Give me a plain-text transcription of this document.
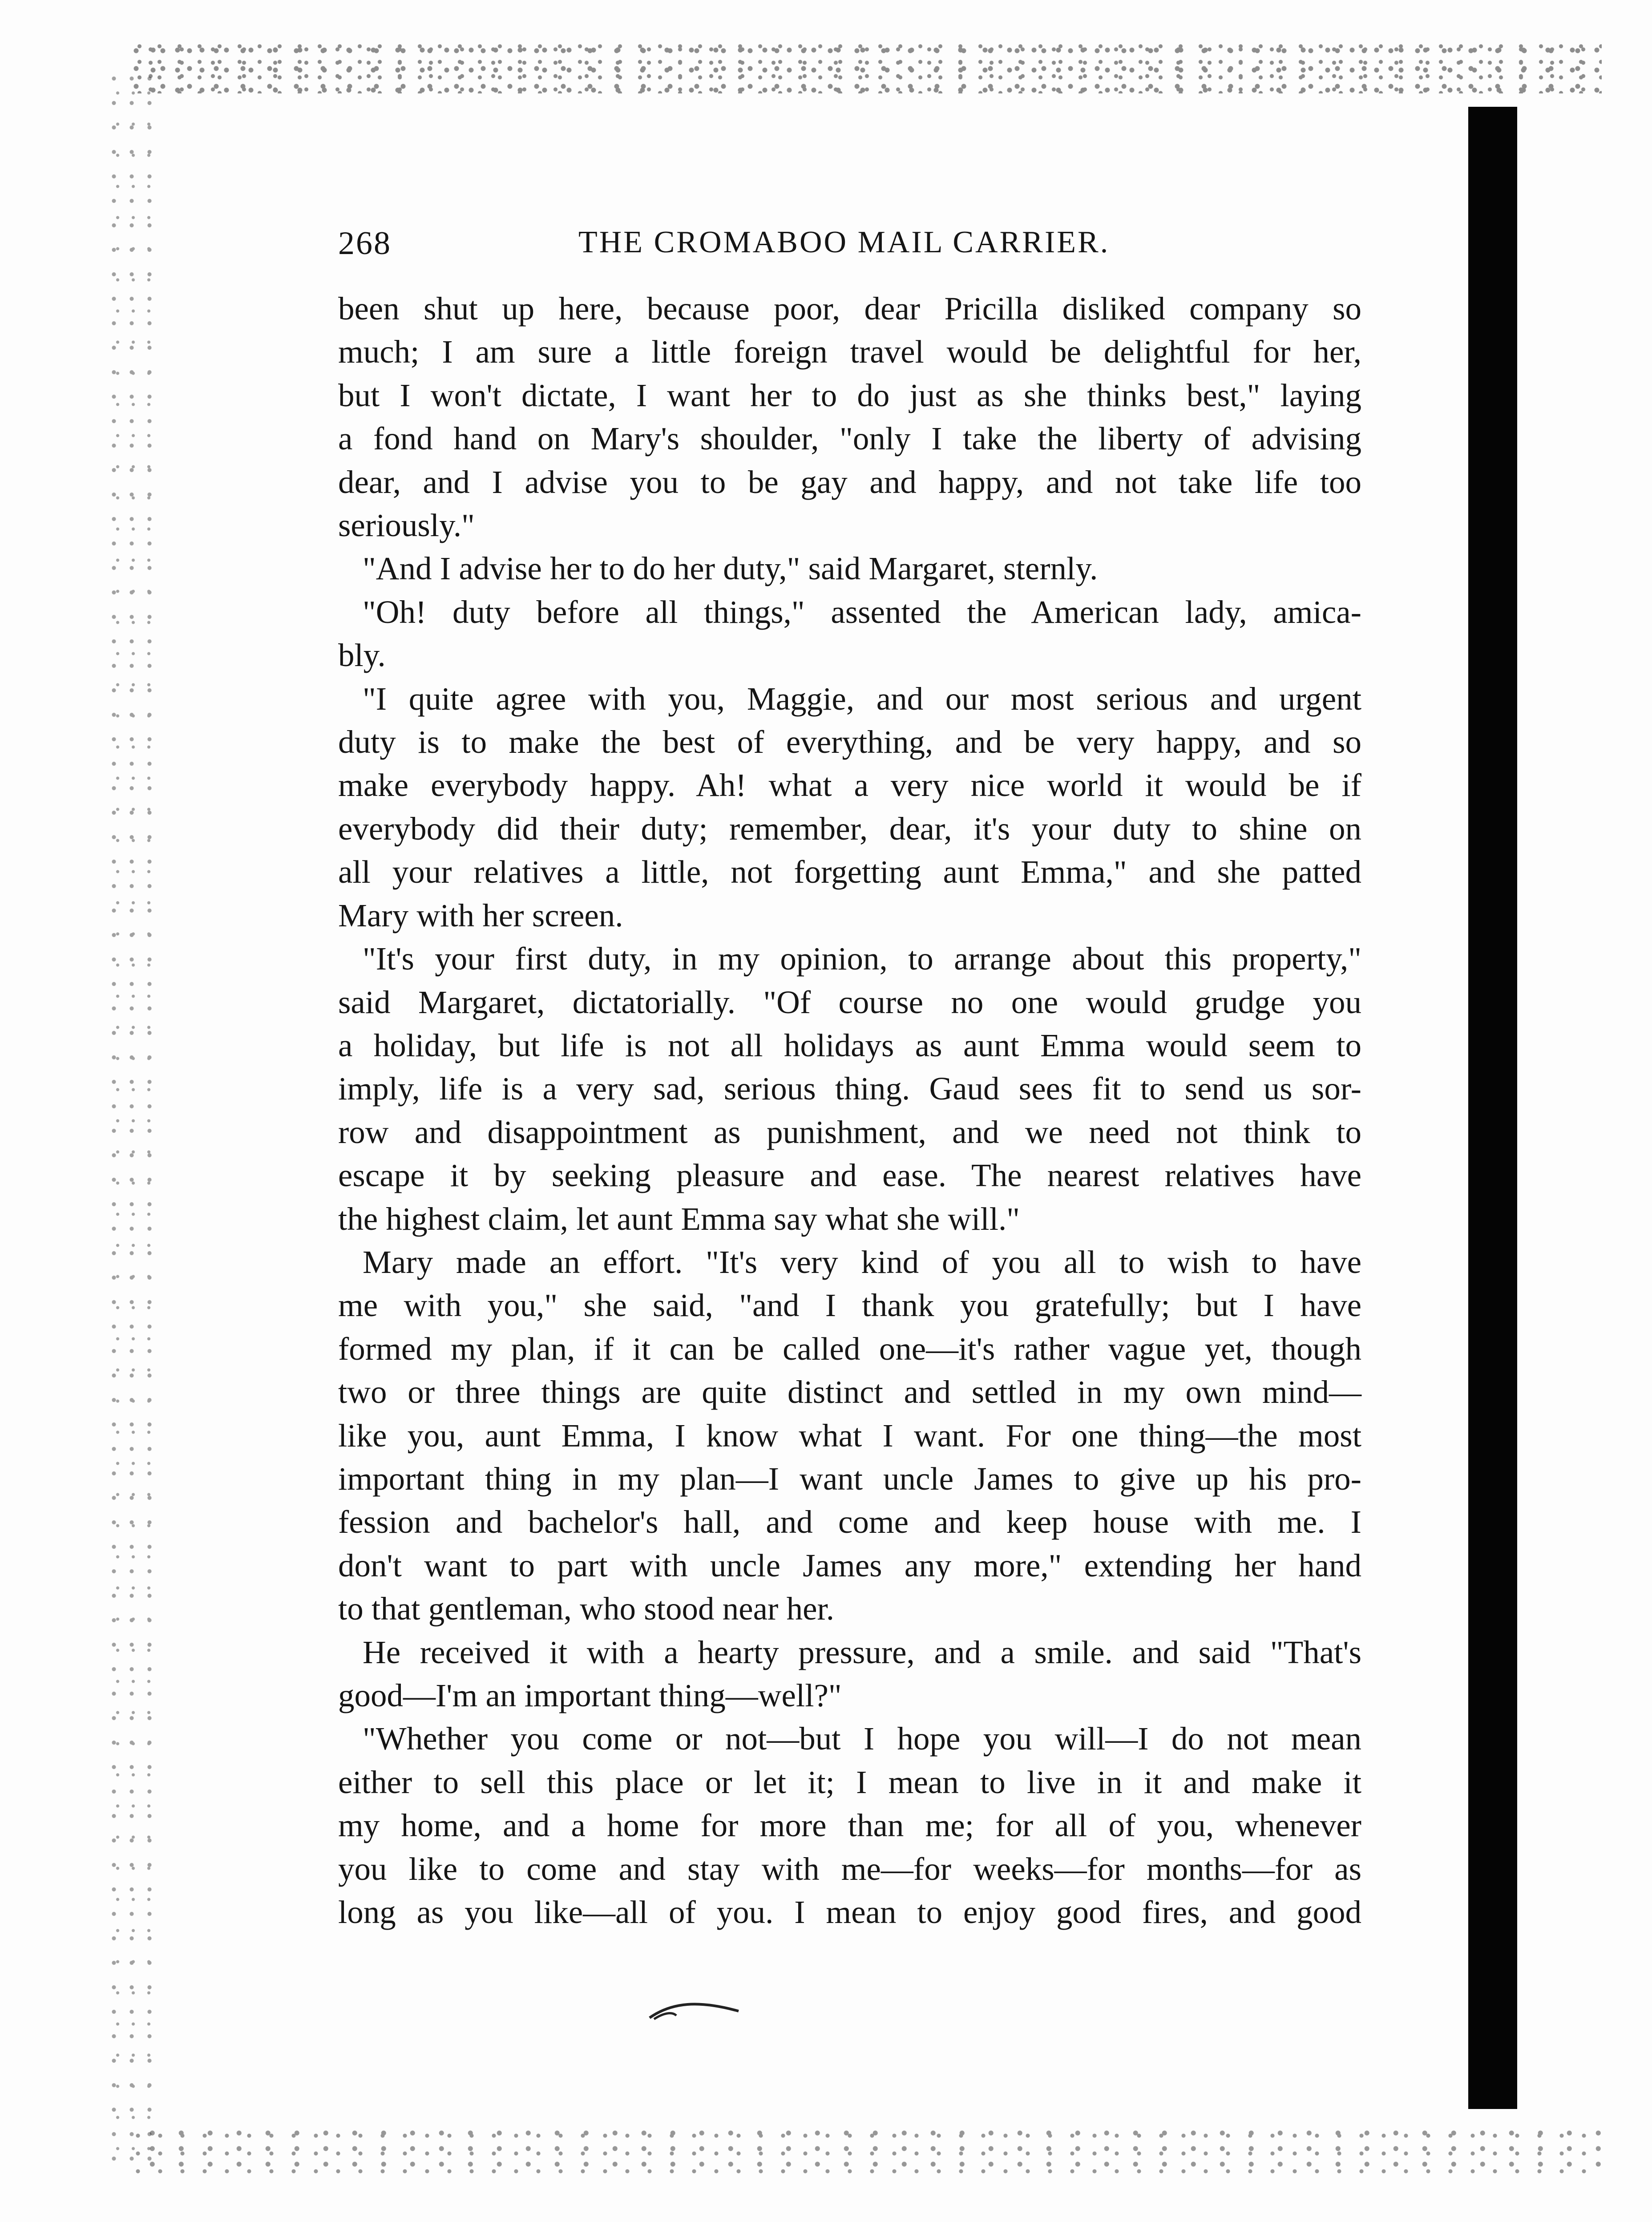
268	THE CROMABOO MAIL CARRIER.
been shut up here, because poor, dear Pricilla disliked company so
much; I am sure a little foreign travel would be delightful for her,
but I won't dictate, I want her to do just as she thinks best," laying
a fond hand on Mary's shoulder, "only I take the liberty of advising
dear, and I advise you to be gay and happy, and not take life too
seriously."
"And I advise her to do her duty," said Margaret, sternly.
"Oh! duty before all things," assented the American lady, amica-
bly.
"I quite agree with you, Maggie, and our most serious and urgent
duty is to make the best of everything, and be very happy, and so
make everybody happy. Ah! what a very nice world it would be if
everybody did their duty; remember, dear, it's your duty to shine on
all your relatives a little, not forgetting aunt Emma," and she patted
Mary with her screen.
"It's your first duty, in my opinion, to arrange about this property,"
said Margaret, dictatorially. "Of course no one would grudge you
a holiday, but life is not all holidays as aunt Emma would seem to
imply, life is a very sad, serious thing. Gaud sees fit to send us sor-
row and disappointment as punishment, and we need not think to
escape it by seeking pleasure and ease. The nearest relatives have
the highest claim, let aunt Emma say what she will."
Mary made an effort. "It's very kind of you all to wish to have
me with you," she said, "and I thank you gratefully; but I have
formed my plan, if it can be called one—it's rather vague yet, though
two or three things are quite distinct and settled in my own mind—
like you, aunt Emma, I know what I want. For one thing—the most
important thing in my plan—I want uncle James to give up his pro-
fession and bachelor's hall, and come and keep house with me. I
don't want to part with uncle James any more," extending her hand
to that gentleman, who stood near her.
He received it with a hearty pressure, and a smile. and said "That's
good—I'm an important thing—well?"
"Whether you come or not—but I hope you will—I do not mean
either to sell this place or let it; I mean to live in it and make it
my home, and a home for more than me; for all of you, whenever
you like to come and stay with me—for weeks—for months—for as
long as you like—all of you. I mean to enjoy good fires, and good
